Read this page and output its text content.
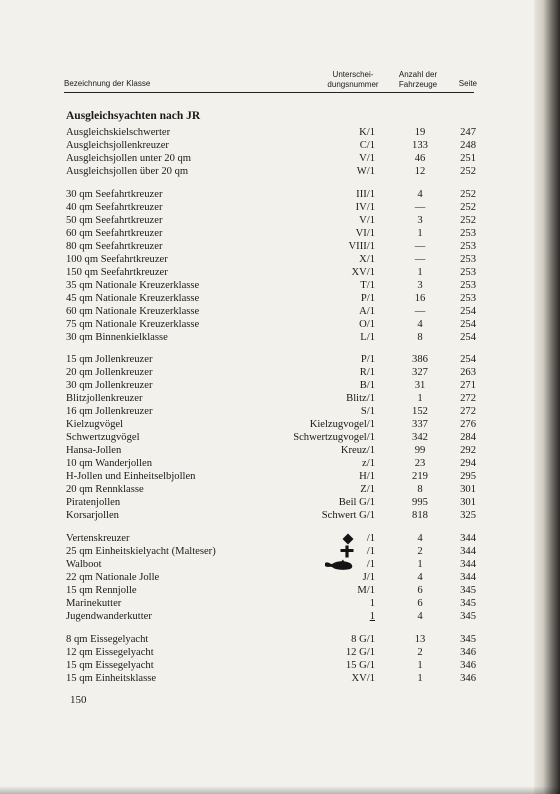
Bezeichnung der Klasse
Unterschei-
dungsnummer
Anzahl der
Fahrzeuge	Seite
Ausgleichsyachten nach JR
Ausgleichskielschwerter	K/1	19	247
Ausgleichsjollenkreuzer	C/1	133	248
Ausgleichsjollen unter 20 qm	V/1	46	251
Ausgleichsjollen über 20 qm	W/1	12	252
30 qm Seefahrtkreuzer	III/1	4	252
40 qm Seefahrtkreuzer	IV/1	—	252
50 qm Seefahrtkreuzer	V/1	3	252
60 qm Seefahrtkreuzer	VI/1	1	253
80 qm Seefahrtkreuzer	VIII/1	—	253
100 qm Seefahrtkreuzer	X/1	—	253
150 qm Seefahrtkreuzer	XV/1	1	253
35 qm Nationale Kreuzerklasse	T/1	3	253
45 qm Nationale Kreuzerklasse	P/1	16	253
60 qm Nationale Kreuzerklasse	A/1	—	254
75 qm Nationale Kreuzerklasse	O/1	4	254
30 qm Binnenkielklasse	L/1	8	254
15 qm Jollenkreuzer	P/1	386	254
20 qm Jollenkreuzer	R/1	327	263
30 qm Jollenkreuzer	B/1	31	271
Blitzjollenkreuzer	Blitz/1	1	272
16 qm Jollenkreuzer	S/1	152	272
Kielzugvögel	Kielzugvogel/1	337	276
Schwertzugvögel	Schwertzugvogel/1	342	284
Hansa-Jollen	Kreuz/1	99	292
10 qm Wanderjollen	z/1	23	294
H-Jollen und Einheitselbjollen	H/1	219	295
20 qm Rennklasse	Z/1	8	301
Piratenjollen	Beil G/1	995	301
Korsarjollen	Schwert G/1	818	325
Vertenskreuzer	/1	4	344
25 qm Einheitskielyacht (Malteser)	/1	2	344
Walboot	/1	1	344
22 qm Nationale Jolle	J/1	4	344
15 qm Rennjolle	M/1	6	345
Marinekutter	1	6	345
Jugendwanderkutter	1	4	345
8 qm Eissegelyacht	8 G/1	13	345
12 qm Eissegelyacht	12 G/1	2	346
15 qm Eissegelyacht	15 G/1	1	346
15 qm Einheitsklasse	XV/1	1	346
150
